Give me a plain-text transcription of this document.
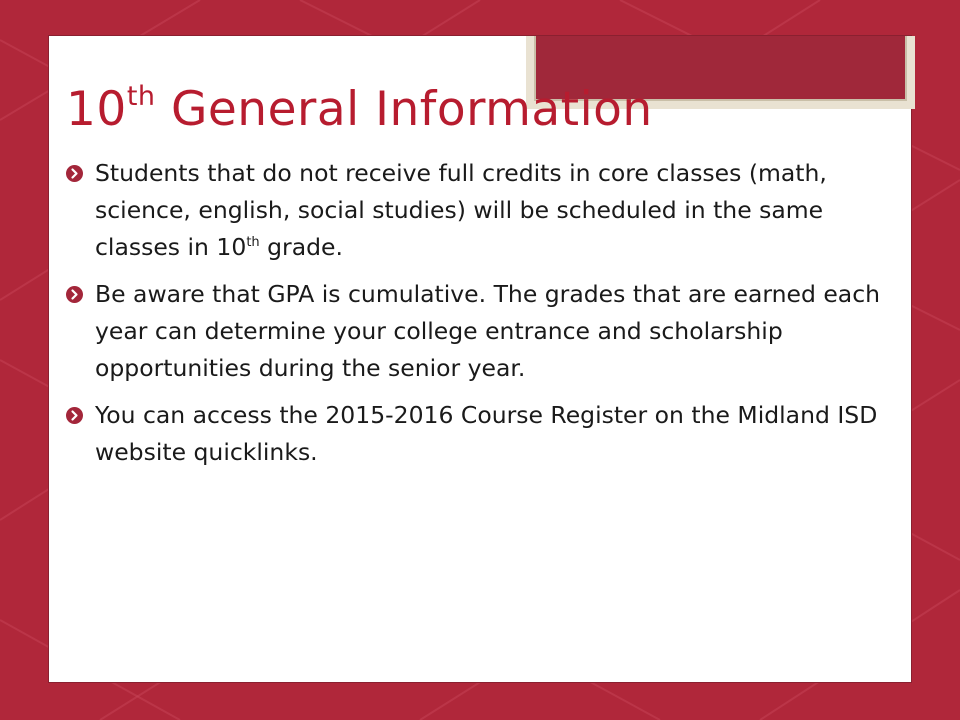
10th General Information
Students that do not receive full credits in core classes (math, science, english, social studies) will be scheduled in the same classes in 10th grade.
Be aware that GPA is cumulative. The grades that are earned each year can determine your college entrance and scholarship opportunities during the senior year.
You can access the 2015-2016 Course Register on the Midland ISD website quicklinks.
